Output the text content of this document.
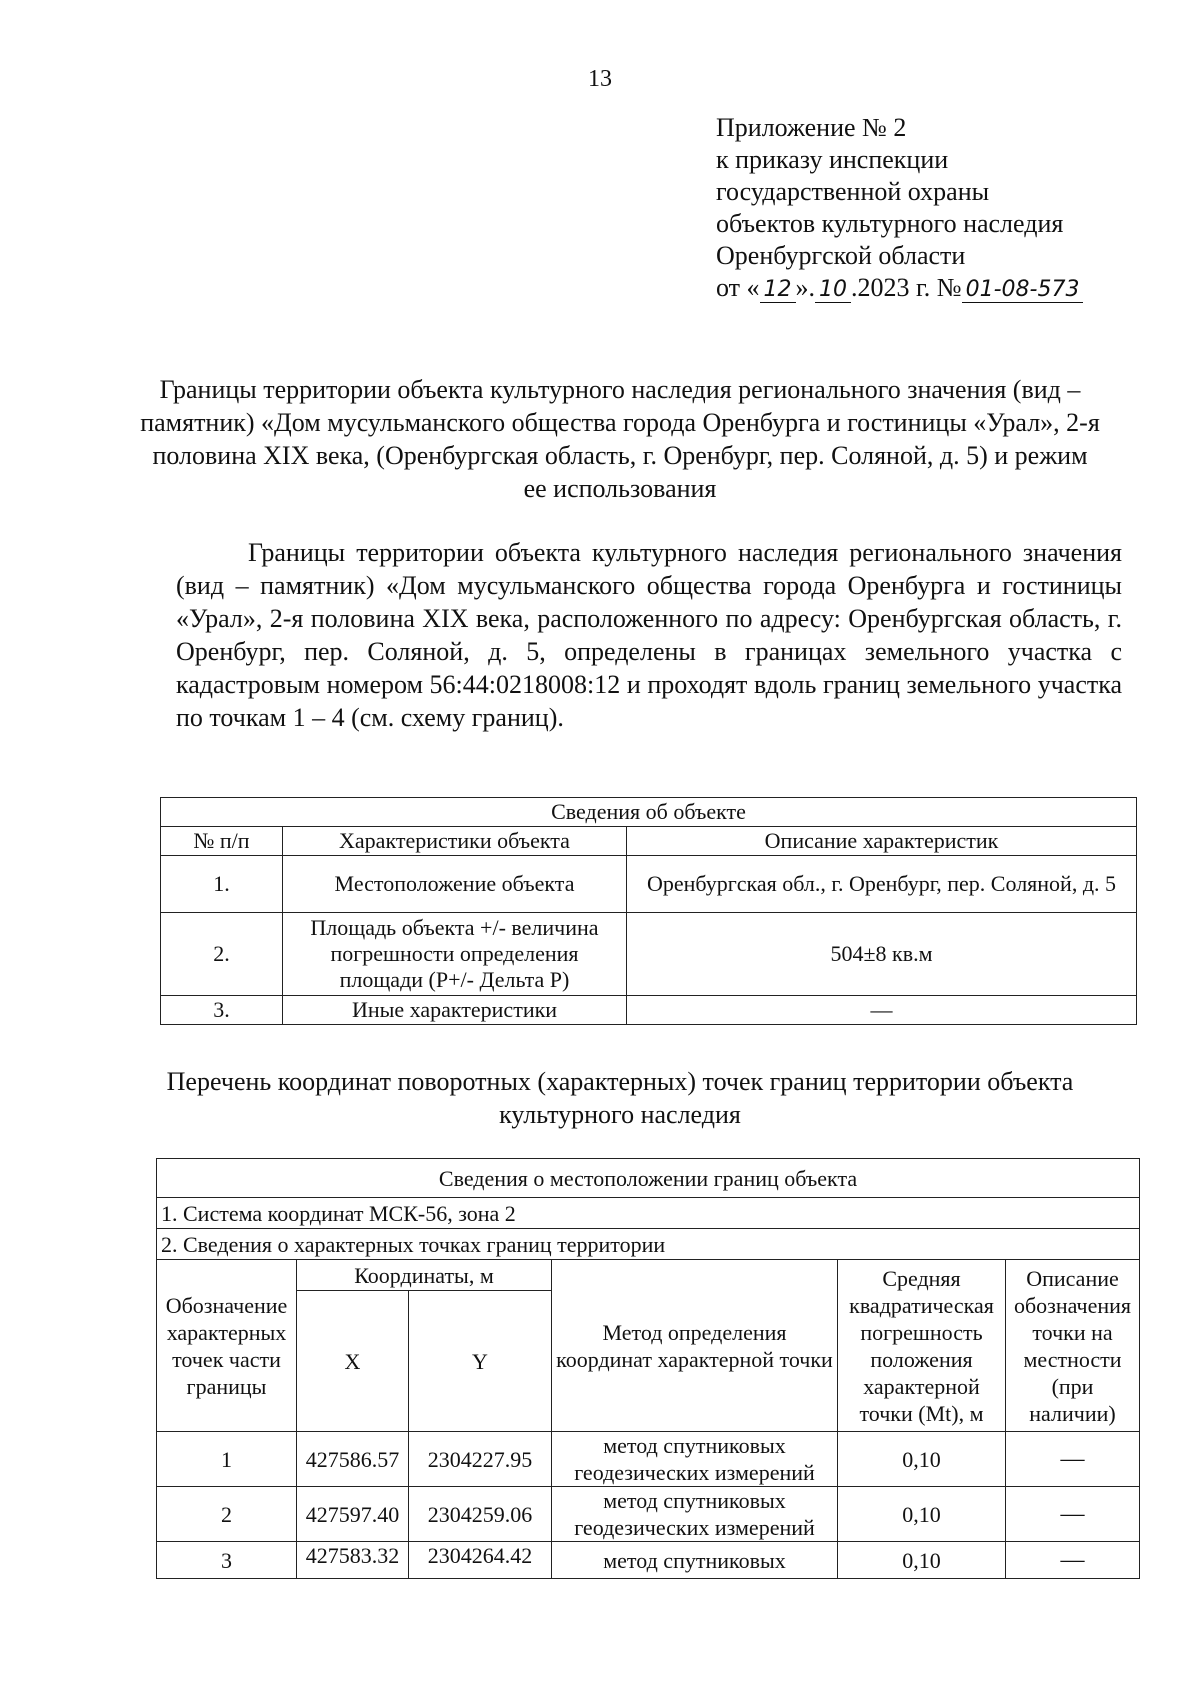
13
Приложение № 2
к приказу инспекции
государственной охраны
объектов культурного наследия
Оренбургской области
от « 12 ». 10 .2023 г. № 01-08-573
Границы территории объекта культурного наследия регионального значения (вид – памятник) «Дом мусульманского общества города Оренбурга и гостиницы «Урал», 2-я половина XIX века, (Оренбургская область, г. Оренбург, пер. Соляной, д. 5) и режим ее использования
Границы территории объекта культурного наследия регионального значения (вид – памятник) «Дом мусульманского общества города Оренбурга и гостиницы «Урал», 2-я половина XIX века, расположенного по адресу: Оренбургская область, г. Оренбург, пер. Соляной, д. 5, определены в границах земельного участка с кадастровым номером 56:44:0218008:12 и проходят вдоль границ земельного участка по точкам 1 – 4 (см. схему границ).
Сведения об объекте		
№ п/п	Характеристики объекта	Описание характеристик
1.	Местоположение объекта	Оренбургская обл., г. Оренбург, пер. Соляной, д. 5
2.	Площадь объекта +/- величина погрешности определения площади (Р+/- Дельта Р)	504±8 кв.м
3.	Иные характеристики	—
Перечень координат поворотных (характерных) точек границ территории объекта культурного наследия
Сведения о местоположении границ объекта					
1. Система координат МСК-56, зона 2					
2. Сведения о характерных точках границ территории					
Обозначение характерных точек части границы	Координаты, м		Метод определения координат характерной точки	Средняя квадратическая погрешность положения характерной точки (Mt), м	Описание обозначения точки на местности (при наличии)
	X	Y			
1	427586.57	2304227.95	метод спутниковых геодезических измерений	0,10	—
2	427597.40	2304259.06	метод спутниковых геодезических измерений	0,10	—
3	427583.32	2304264.42	метод спутниковых	0,10	—
